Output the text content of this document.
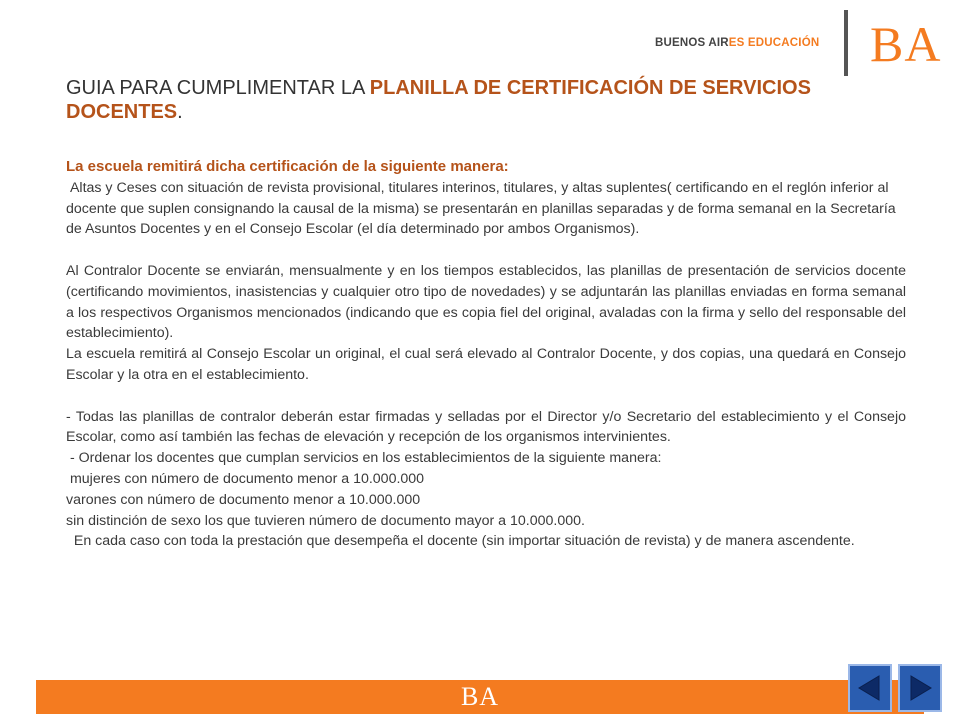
BUENOS AIRES EDUCACIÓN BA
GUIA PARA CUMPLIMENTAR LA PLANILLA DE CERTIFICACIÓN DE SERVICIOS DOCENTES.

La escuela remitirá dicha certificación de la siguiente manera:

Altas y Ceses con situación de revista provisional, titulares interinos, titulares, y altas suplentes( certificando en el reglón inferior al docente que suplen consignando la causal de la misma) se presentarán en planillas separadas y de forma semanal en la Secretaría de Asuntos Docentes y en el Consejo Escolar (el día determinado por ambos Organismos).

Al Contralor Docente se enviarán, mensualmente y en los tiempos establecidos, las planillas de presentación de servicios docente (certificando movimientos, inasistencias y cualquier otro tipo de novedades) y se adjuntarán las planillas enviadas en forma semanal a los respectivos Organismos mencionados (indicando que es copia fiel del original, avaladas con la firma y sello del responsable del establecimiento).

La escuela remitirá al Consejo Escolar un original, el cual será elevado al Contralor Docente, y dos copias, una quedará en Consejo Escolar y la otra en el establecimiento.

- Todas las planillas de contralor deberán estar firmadas y selladas por el Director y/o Secretario del establecimiento y el Consejo Escolar, como así también las fechas de elevación y recepción de los organismos intervinientes.

- Ordenar los docentes que cumplan servicios en los establecimientos de la siguiente manera:

mujeres con número de documento menor a 10.000.000

varones con número de documento menor a 10.000.000

sin distinción de sexo los que tuvieren número de documento mayor a 10.000.000.

En cada caso con toda la prestación que desempeña el docente (sin importar situación de revista) y de manera ascendente.

BA
